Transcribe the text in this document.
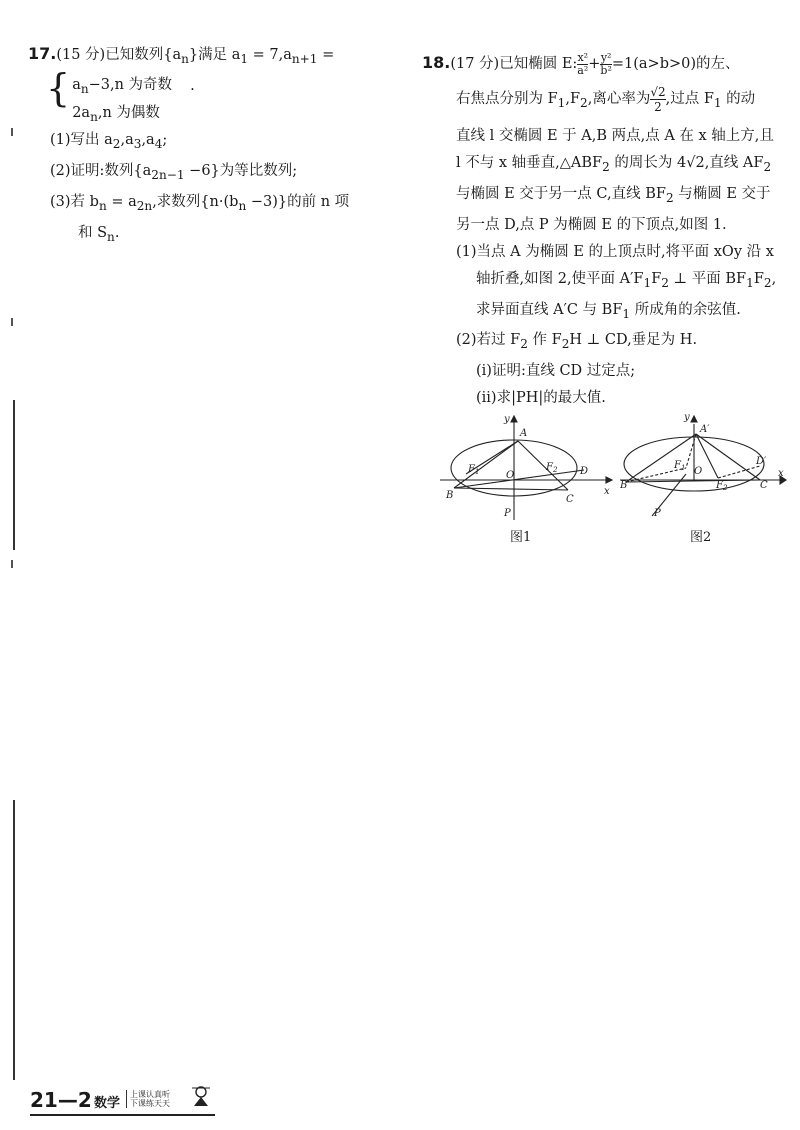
17.(15 分)已知数列$\{a_n\}$满足 $a_1 = 7,a_{n+1}$ =
{ $a_n-3,n$ 为奇数
$2a_n,n$ 为偶数.
(1)写出 $a_2,a_3,a_4$;
(2)证明:数列$\{a_{2n-1} -6\}$为等比数列;
(3)若 $b_n = a_{2n}$,求数列$\{n\cdot(b_n -3)\}$的前 n 项
和 $S_n$.
18.(17 分)已知椭圆 E: $\frac{\text{x²}}{\text{a²}} + \frac{\text{y²}}{\text{b²}} =1(a>b>0)$的左、
右焦点分别为 $F_1,F_2$,离心率为 $\frac{√2}{2}$ ,过点 $F_1$ 的动
直线 l 交椭圆 E 于 A,B 两点,点 A 在 x 轴上方,且
l 不与 x 轴垂直$,\triangle ABF_2$ 的周长为 4√2,直线 $AF_2$
与椭圆 E 交于另一点 C,直线 $BF_2$ 与椭圆 E 交于
另一点 D,点 P 为椭圆 E 的下顶点,如图 1.
(1)当点 A 为椭圆 E 的上顶点时,将平面 xOy 沿 x
轴折叠,如图 2,使平面 $A'F_1F_2$ ⊥ 平面 $BF_1F_2$,
求异面直线 A′C 与 $BF_1$ 所成角的余弦值.
(2)若过 $F_2$ 作 $F_2H$ ⊥ CD,垂足为 H.
(i)证明:直线 CD 过定点;
(ii)求|PH|的最大值.
y
x
A
O
$F_1$	$F_2$ D
B	C
P
y
x
A′
O
$F_1$
$F_2$
D′
B	C
P
图1	图2
21—2 数学
上课认真听
下课练天天
